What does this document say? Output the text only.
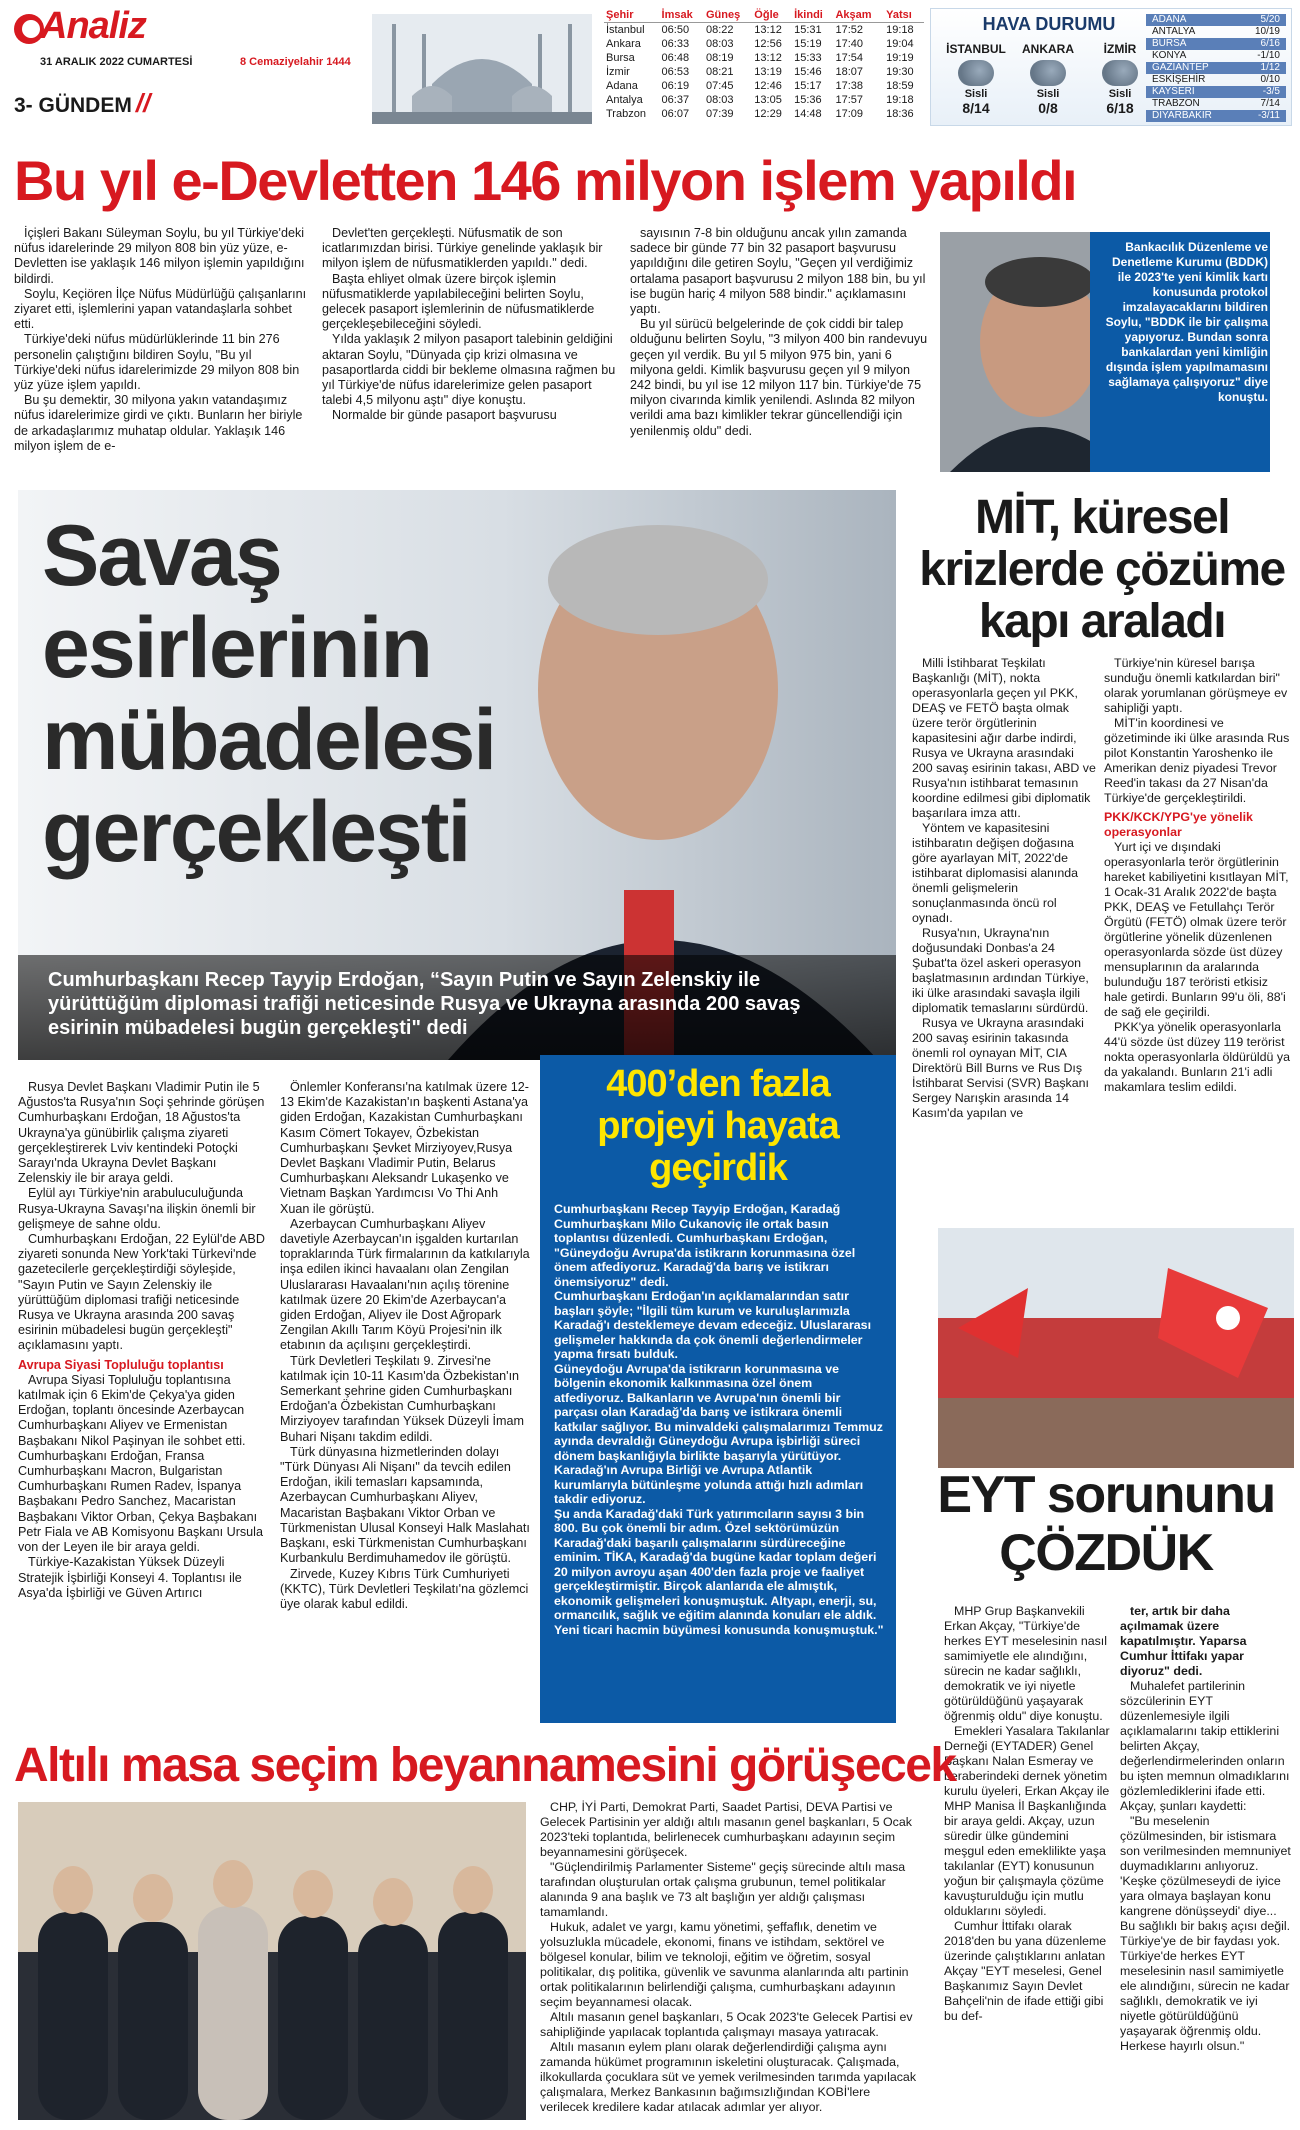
Analiz
31 ARALIK 2022 CUMARTESİ	8 Cemaziyelahir 1444
3- GÜNDEM //
Şehir	İmsak	Güneş	Öğle	İkindi	Akşam	Yatsı
İstanbul	06:50	08:22	13:12	15:31	17:52	19:18
Ankara	06:33	08:03	12:56	15:19	17:40	19:04
Bursa	06:48	08:19	13:12	15:33	17:54	19:19
İzmir	06:53	08:21	13:19	15:46	18:07	19:30
Adana	06:19	07:45	12:46	15:17	17:38	18:59
Antalya	06:37	08:03	13:05	15:36	17:57	19:18
Trabzon	06:07	07:39	12:29	14:48	17:09	18:36
HAVA DURUMU
İSTANBUL
Sisli
8/14
ANKARA
Sisli
0/8
İZMİR
Sisli
6/18
ADANA	5/20
ANTALYA	10/19
BURSA	6/16
KONYA	-1/10
GAZİANTEP	1/12
ESKİŞEHİR	0/10
KAYSERİ	-3/5
TRABZON	7/14
DİYARBAKIR	-3/11
Bu yıl e-Devletten 146 milyon işlem yapıldı

İçişleri Bakanı Süleyman Soylu, bu yıl Türkiye'deki nüfus idarelerinde 29 milyon 808 bin yüz yüze, e-Devletten ise yaklaşık 146 milyon işlemin yapıldığını bildirdi.

Soylu, Keçiören İlçe Nüfus Müdürlüğü çalışanlarını ziyaret etti, işlemlerini yapan vatandaşlarla sohbet etti.

Türkiye'deki nüfus müdürlüklerinde 11 bin 276 personelin çalıştığını bildiren Soylu, "Bu yıl Türkiye'deki nüfus idarelerimizde 29 milyon 808 bin yüz yüze işlem yapıldı.

Bu şu demektir, 30 milyona yakın vatandaşımız nüfus idarelerimize girdi ve çıktı. Bunların her biriyle de arkadaşlarımız muhatap oldular. Yaklaşık 146 milyon işlem de e-

Devlet'ten gerçekleşti. Nüfusmatik de son icatlarımızdan birisi. Türkiye genelinde yaklaşık bir milyon işlem de nüfusmatiklerden yapıldı." dedi.

Başta ehliyet olmak üzere birçok işlemin nüfusmatiklerde yapılabileceğini belirten Soylu, gelecek pasaport işlemlerinin de nüfusmatiklerde gerçekleşebileceğini söyledi.

Yılda yaklaşık 2 milyon pasaport talebinin geldiğini aktaran Soylu, "Dünyada çip krizi olmasına ve pasaportlarda ciddi bir bekleme olmasına rağmen bu yıl Türkiye'de nüfus idarelerimize gelen pasaport talebi 4,5 milyonu aştı" diye konuştu.

Normalde bir günde pasaport başvurusu

sayısının 7-8 bin olduğunu ancak yılın zamanda sadece bir günde 77 bin 32 pasaport başvurusu yapıldığını dile getiren Soylu, "Geçen yıl verdiğimiz ortalama pasaport başvurusu 2 milyon 188 bin, bu yıl ise bugün hariç 4 milyon 588 bindir." açıklamasını yaptı.

Bu yıl sürücü belgelerinde de çok ciddi bir talep olduğunu belirten Soylu, "3 milyon 400 bin randevuyu geçen yıl verdik. Bu yıl 5 milyon 975 bin, yani 6 milyona geldi. Kimlik başvurusu geçen yıl 9 milyon 242 bindi, bu yıl ise 12 milyon 117 bin. Türkiye'de 75 milyon civarında kimlik yenilendi. Aslında 82 milyon verildi ama bazı kimlikler tekrar güncellendiği için yenilenmiş oldu" dedi.

Bankacılık Düzenleme ve Denetleme Kurumu (BDDK) ile 2023'te yeni kimlik kartı konusunda protokol imzalayacaklarını bildiren Soylu, "BDDK ile bir çalışma yapıyoruz. Bundan sonra bankalardan yeni kimliğin dışında işlem yapılmamasını sağlamaya çalışıyoruz" diye konuştu.
Savaş esirlerinin mübadelesi gerçekleşti
Cumhurbaşkanı Recep Tayyip Erdoğan, “Sayın Putin ve Sayın Zelenskiy ile yürüttüğüm diplomasi trafiği neticesinde Rusya ve Ukrayna arasında 200 savaş esirinin mübadelesi bugün gerçekleşti" dedi

Rusya Devlet Başkanı Vladimir Putin ile 5 Ağustos'ta Rusya'nın Soçi şehrinde görüşen Cumhurbaşkanı Erdoğan, 18 Ağustos'ta Ukrayna'ya günübirlik çalışma ziyareti gerçekleştirerek Lviv kentindeki Potoçki Sarayı'nda Ukrayna Devlet Başkanı Zelenskiy ile bir araya geldi.

Eylül ayı Türkiye'nin arabuluculuğunda Rusya-Ukrayna Savaşı'na ilişkin önemli bir gelişmeye de sahne oldu.

Cumhurbaşkanı Erdoğan, 22 Eylül'de ABD ziyareti sonunda New York'taki Türkevi'nde gazetecilerle gerçekleştirdiği söyleşide, "Sayın Putin ve Sayın Zelenskiy ile yürüttüğüm diplomasi trafiği neticesinde Rusya ve Ukrayna arasında 200 savaş esirinin mübadelesi bugün gerçekleşti" açıklamasını yaptı.

Avrupa Siyasi Topluluğu toplantısı

Avrupa Siyasi Topluluğu toplantısına katılmak için 6 Ekim'de Çekya'ya giden Erdoğan, toplantı öncesinde Azerbaycan Cumhurbaşkanı Aliyev ve Ermenistan Başbakanı Nikol Paşinyan ile sohbet etti. Cumhurbaşkanı Erdoğan, Fransa Cumhurbaşkanı Macron, Bulgaristan Cumhurbaşkanı Rumen Radev, İspanya Başbakanı Pedro Sanchez, Macaristan Başbakanı Viktor Orban, Çekya Başbakanı Petr Fiala ve AB Komisyonu Başkanı Ursula von der Leyen ile bir araya geldi.

Türkiye-Kazakistan Yüksek Düzeyli Stratejik İşbirliği Konseyi 4. Toplantısı ile Asya'da İşbirliği ve Güven Artırıcı

Önlemler Konferansı'na katılmak üzere 12-13 Ekim'de Kazakistan'ın başkenti Astana'ya giden Erdoğan, Kazakistan Cumhurbaşkanı Kasım Cömert Tokayev, Özbekistan Cumhurbaşkanı Şevket Mirziyoyev,Rusya Devlet Başkanı Vladimir Putin, Belarus Cumhurbaşkanı Aleksandr Lukaşenko ve Vietnam Başkan Yardımcısı Vo Thi Anh Xuan ile görüştü.

Azerbaycan Cumhurbaşkanı Aliyev davetiyle Azerbaycan'ın işgalden kurtarılan topraklarında Türk firmalarının da katkılarıyla inşa edilen ikinci havaalanı olan Zengilan Uluslararası Havaalanı'nın açılış törenine katılmak üzere 20 Ekim'de Azerbaycan'a giden Erdoğan, Aliyev ile Dost Ağropark Zengilan Akıllı Tarım Köyü Projesi'nin ilk etabının da açılışını gerçekleştirdi.

Türk Devletleri Teşkilatı 9. Zirvesi'ne katılmak için 10-11 Kasım'da Özbekistan'ın Semerkant şehrine giden Cumhurbaşkanı Erdoğan'a Özbekistan Cumhurbaşkanı Mirziyoyev tarafından Yüksek Düzeyli İmam Buhari Nişanı takdim edildi.

Türk dünyasına hizmetlerinden dolayı "Türk Dünyası Ali Nişanı" da tevcih edilen Erdoğan, ikili temasları kapsamında, Azerbaycan Cumhurbaşkanı Aliyev, Macaristan Başbakanı Viktor Orban ve Türkmenistan Ulusal Konseyi Halk Maslahatı Başkanı, eski Türkmenistan Cumhurbaşkanı Kurbankulu Berdimuhamedov ile görüştü.

Zirvede, Kuzey Kıbrıs Türk Cumhuriyeti (KKTC), Türk Devletleri Teşkilatı'na gözlemci üye olarak kabul edildi.

400’den fazla projeyi hayata geçirdik

Cumhurbaşkanı Recep Tayyip Erdoğan, Karadağ Cumhurbaşkanı Milo Cukanoviç ile ortak basın toplantısı düzenledi. Cumhurbaşkanı Erdoğan, "Güneydoğu Avrupa'da istikrarın korunmasına özel önem atfediyoruz. Karadağ'da barış ve istikrarı önemsiyoruz" dedi.

Cumhurbaşkanı Erdoğan'ın açıklamalarından satır başları şöyle; "İlgili tüm kurum ve kuruluşlarımızla Karadağ'ı desteklemeye devam edeceğiz. Uluslararası gelişmeler hakkında da çok önemli değerlendirmeler yapma fırsatı bulduk.

Güneydoğu Avrupa'da istikrarın korunmasına ve bölgenin ekonomik kalkınmasına özel önem atfediyoruz. Balkanların ve Avrupa'nın önemli bir parçası olan Karadağ'da barış ve istikrara önemli katkılar sağlıyor. Bu minvaldeki çalışmalarımızı Temmuz ayında devraldığı Güneydoğu Avrupa işbirliği süreci dönem başkanlığıyla birlikte başarıyla yürütüyor. Karadağ'ın Avrupa Birliği ve Avrupa Atlantik kurumlarıyla bütünleşme yolunda attığı hızlı adımları takdir ediyoruz.

Şu anda Karadağ'daki Türk yatırımcıların sayısı 3 bin 800. Bu çok önemli bir adım. Özel sektörümüzün Karadağ'daki başarılı çalışmalarını sürdüreceğine eminim. TİKA, Karadağ'da bugüne kadar toplam değeri 20 milyon avroyu aşan 400'den fazla proje ve faaliyet gerçekleştirmiştir. Birçok alanlarıda ele almıştık, ekonomik gelişmeleri konuşmuştuk. Altyapı, enerji, su, ormancılık, sağlık ve eğitim alanında konuları ele aldık. Yeni ticari hacmin büyümesi konusunda konuşmuştuk."

MİT, küresel krizlerde çözüme kapı araladı

Milli İstihbarat Teşkilatı Başkanlığı (MİT), nokta operasyonlarla geçen yıl PKK, DEAŞ ve FETÖ başta olmak üzere terör örgütlerinin kapasitesini ağır darbe indirdi, Rusya ve Ukrayna arasındaki 200 savaş esirinin takası, ABD ve Rusya'nın istihbarat temasının koordine edilmesi gibi diplomatik başarılara imza attı.

Yöntem ve kapasitesini istihbaratın değişen doğasına göre ayarlayan MİT, 2022'de istihbarat diplomasisi alanında önemli gelişmelerin sonuçlanmasında öncü rol oynadı.

Rusya'nın, Ukrayna'nın doğusundaki Donbas'a 24 Şubat'ta özel askeri operasyon başlatmasının ardından Türkiye, iki ülke arasındaki savaşla ilgili diplomatik temaslarını sürdürdü.

Rusya ve Ukrayna arasındaki 200 savaş esirinin takasında önemli rol oynayan MİT, CIA Direktörü Bill Burns ve Rus Dış İstihbarat Servisi (SVR) Başkanı Sergey Narışkin arasında 14 Kasım'da yapılan ve

Türkiye'nin küresel barışa sunduğu önemli katkılardan biri" olarak yorumlanan görüşmeye ev sahipliği yaptı.

MİT'in koordinesi ve gözetiminde iki ülke arasında Rus pilot Konstantin Yaroshenko ile Amerikan deniz piyadesi Trevor Reed'in takası da 27 Nisan'da Türkiye'de gerçekleştirildi.

PKK/KCK/YPG'ye yönelik operasyonlar

Yurt içi ve dışındaki operasyonlarla terör örgütlerinin hareket kabiliyetini kısıtlayan MİT, 1 Ocak-31 Aralık 2022'de başta PKK, DEAŞ ve Fetullahçı Terör Örgütü (FETÖ) olmak üzere terör örgütlerine yönelik düzenlenen operasyonlarda sözde üst düzey mensuplarının da aralarında bulunduğu 187 teröristi etkisiz hale getirdi. Bunların 99'u öli, 88'i de sağ ele geçirildi.

PKK'ya yönelik operasyonlarla 44'ü sözde üst düzey 119 terörist nokta operasyonlarla öldürüldü ya da yakalandı. Bunların 21'i adli makamlara teslim edildi.

EYT sorununu ÇÖZDÜK

MHP Grup Başkanvekili Erkan Akçay, "Türkiye'de herkes EYT meselesinin nasıl samimiyetle ele alındığını, sürecin ne kadar sağlıklı, demokratik ve iyi niyetle götürüldüğünü yaşayarak öğrenmiş oldu" diye konuştu.

Emekleri Yasalara Takılanlar Derneği (EYTADER) Genel Başkanı Nalan Esmeray ve beraberindeki dernek yönetim kurulu üyeleri, Erkan Akçay ile MHP Manisa İl Başkanlığında bir araya geldi. Akçay, uzun süredir ülke gündemini meşgul eden emeklilikte yaşa takılanlar (EYT) konusunun yoğun bir çalışmayla çözüme kavuşturulduğu için mutlu olduklarını söyledi.

Cumhur İttifakı olarak 2018'den bu yana düzenleme üzerinde çalıştıklarını anlatan Akçay "EYT meselesi, Genel Başkanımız Sayın Devlet Bahçeli'nin de ifade ettiği gibi bu def-

ter, artık bir daha açılmamak üzere kapatılmıştır. Yaparsa Cumhur İttifakı yapar diyoruz" dedi.

Muhalefet partilerinin sözcülerinin EYT düzenlemesiyle ilgili açıklamalarını takip ettiklerini belirten Akçay, değerlendirmelerinden onların bu işten memnun olmadıklarını gözlemlediklerini ifade etti. Akçay, şunları kaydetti:

"Bu meselenin çözülmesinden, bir istismara son verilmesinden memnuniyet duymadıklarını anlıyoruz. 'Keşke çözülmeseydi de iyice yara olmaya başlayan konu kangrene dönüşseydi' diye... Bu sağlıklı bir bakış açısı değil. Türkiye'ye de bir faydası yok. Türkiye'de herkes EYT meselesinin nasıl samimiyetle ele alındığını, sürecin ne kadar sağlıklı, demokratik ve iyi niyetle götürüldüğünü yaşayarak öğrenmiş oldu. Herkese hayırlı olsun."

Altılı masa seçim beyannamesini görüşecek

CHP, İYİ Parti, Demokrat Parti, Saadet Partisi, DEVA Partisi ve Gelecek Partisinin yer aldığı altılı masanın genel başkanları, 5 Ocak 2023'teki toplantıda, belirlenecek cumhurbaşkanı adayının seçim beyannamesini görüşecek.

"Güçlendirilmiş Parlamenter Sisteme" geçiş sürecinde altılı masa tarafından oluşturulan ortak çalışma grubunun, temel politikalar alanında 9 ana başlık ve 73 alt başlığın yer aldığı çalışması tamamlandı.

Hukuk, adalet ve yargı, kamu yönetimi, şeffaflık, denetim ve yolsuzlukla mücadele, ekonomi, finans ve istihdam, sektörel ve bölgesel konular, bilim ve teknoloji, eğitim ve öğretim, sosyal politikalar, dış politika, güvenlik ve savunma alanlarında altı partinin ortak politikalarının belirlendiği çalışma, cumhurbaşkanı adayının seçim beyannamesi olacak.

Altılı masanın genel başkanları, 5 Ocak 2023'te Gelecek Partisi ev sahipliğinde yapılacak toplantıda çalışmayı masaya yatıracak.

Altılı masanın eylem planı olarak değerlendirdiği çalışma aynı zamanda hükümet programının iskeletini oluşturacak. Çalışmada, ilkokullarda çocuklara süt ve yemek verilmesinden tarımda yapılacak çalışmalara, Merkez Bankasının bağımsızlığından KOBİ'lere verilecek kredilere kadar atılacak adımlar yer alıyor.
